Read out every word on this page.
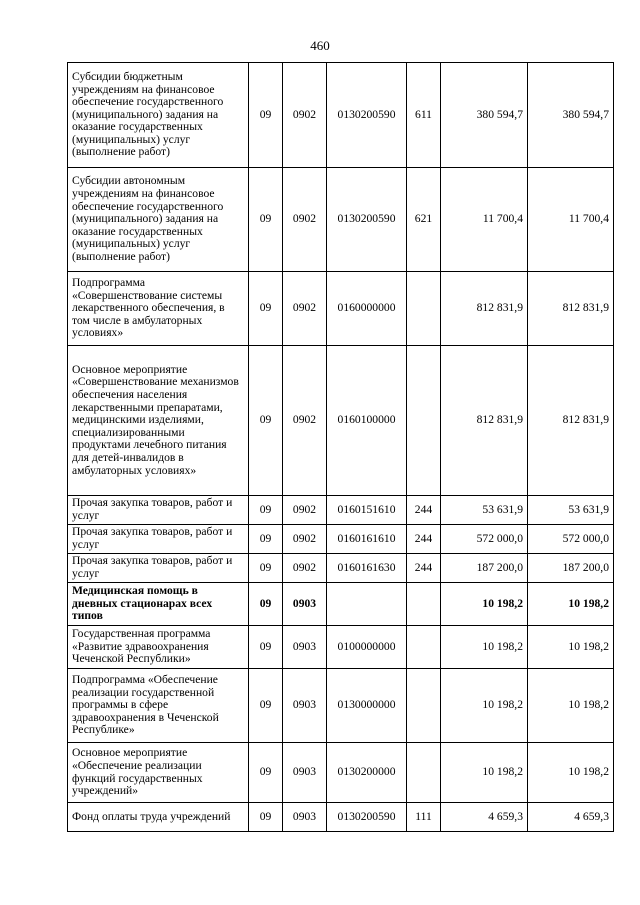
460
Субсидии бюджетным учреждениям на финансовое обеспечение государственного (муниципального) задания на оказание государственных (муниципальных) услуг (выполнение работ)	09	0902	0130200590	611	380 594,7	380 594,7
Субсидии автономным учреждениям на финансовое обеспечение государственного (муниципального) задания на оказание государственных (муниципальных) услуг (выполнение работ)	09	0902	0130200590	621	11 700,4	11 700,4
Подпрограмма «Совершенствование системы лекарственного обеспечения, в том числе в амбулаторных условиях»	09	0902	0160000000		812 831,9	812 831,9
Основное мероприятие «Совершенствование механизмов обеспечения населения лекарственными препаратами, медицинскими изделиями, специализированными продуктами лечебного питания для детей-инвалидов в амбулаторных условиях»	09	0902	0160100000		812 831,9	812 831,9
Прочая закупка товаров, работ и услуг	09	0902	0160151610	244	53 631,9	53 631,9
Прочая закупка товаров, работ и услуг	09	0902	0160161610	244	572 000,0	572 000,0
Прочая закупка товаров, работ и услуг	09	0902	0160161630	244	187 200,0	187 200,0
Медицинская помощь в дневных стационарах всех типов	09	0903			10 198,2	10 198,2
Государственная программа «Развитие здравоохранения Чеченской Республики»	09	0903	0100000000		10 198,2	10 198,2
Подпрограмма «Обеспечение реализации государственной программы в сфере здравоохранения в Чеченской Республике»	09	0903	0130000000		10 198,2	10 198,2
Основное мероприятие «Обеспечение реализации функций государственных учреждений»	09	0903	0130200000		10 198,2	10 198,2
Фонд оплаты труда учреждений	09	0903	0130200590	111	4 659,3	4 659,3
